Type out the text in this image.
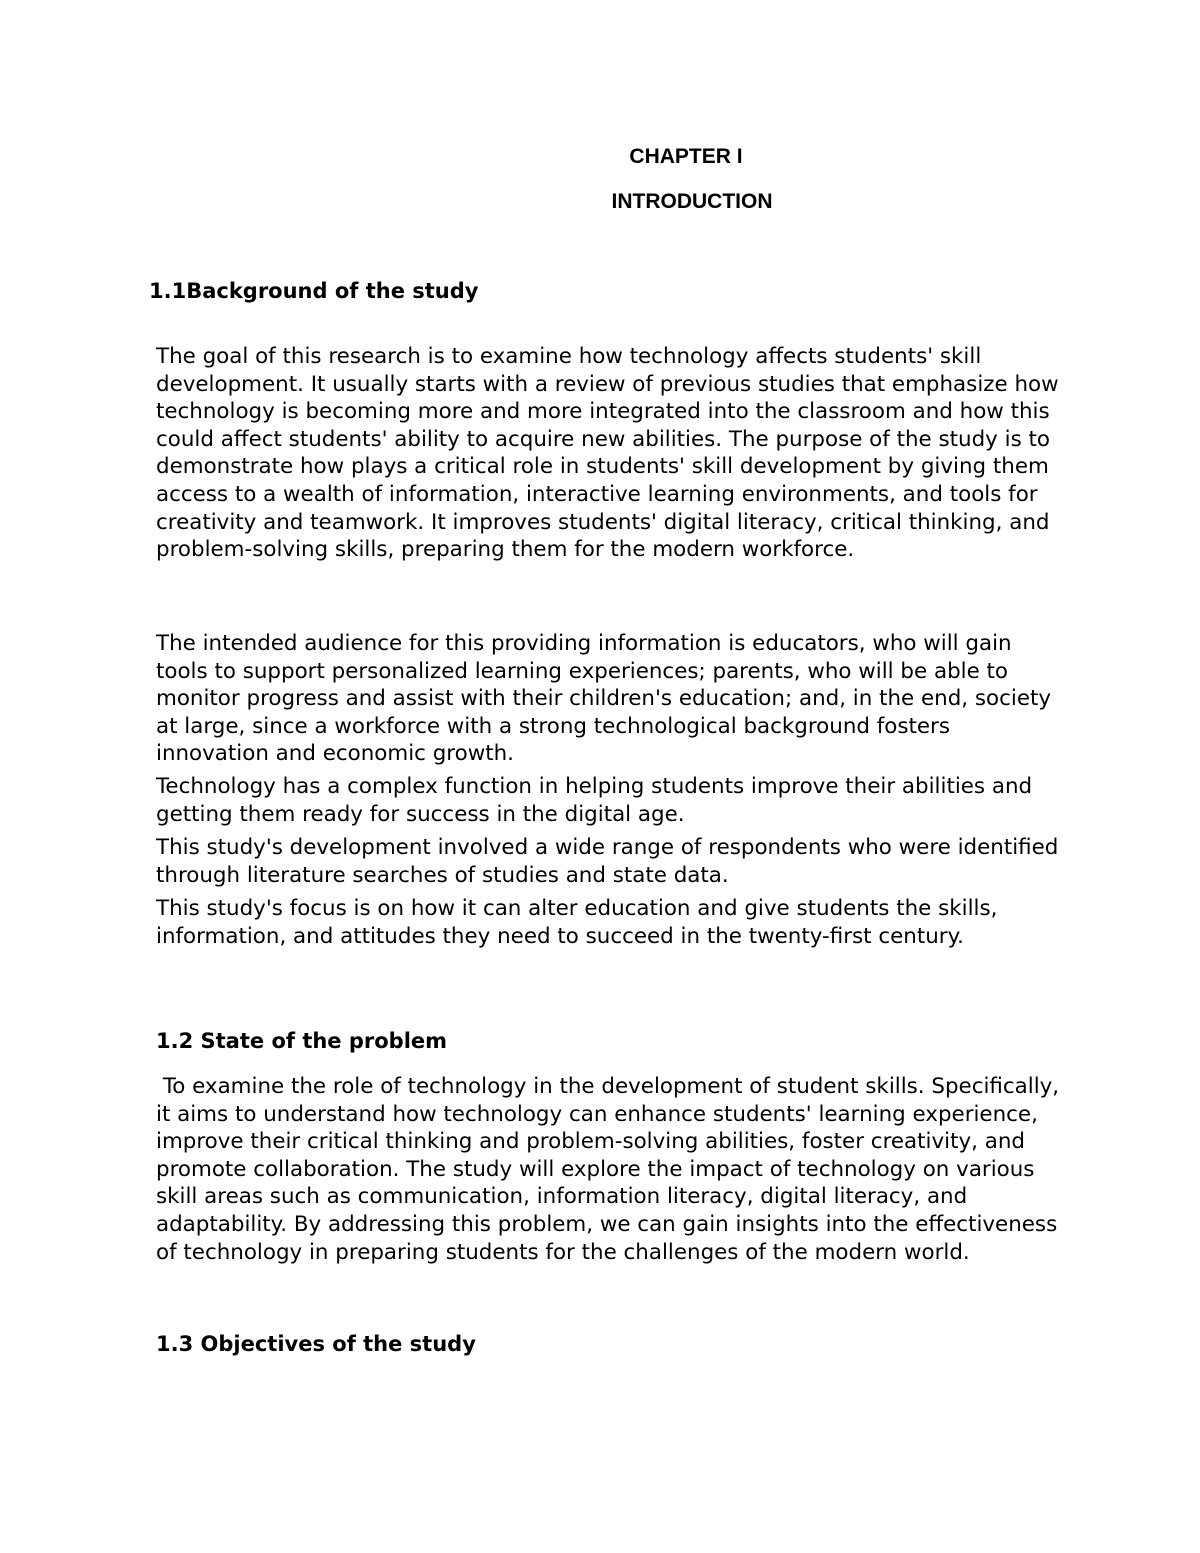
CHAPTER I
INTRODUCTION
1.1Background of the study

The goal of this research is to examine how technology affects students' skill development. It usually starts with a review of previous studies that emphasize how technology is becoming more and more integrated into the classroom and how this could affect students' ability to acquire new abilities. The purpose of the study is to demonstrate how plays a critical role in students' skill development by giving them access to a wealth of information, interactive learning environments, and tools for creativity and teamwork. It improves students' digital literacy, critical thinking, and problem-solving skills, preparing them for the modern workforce.

The intended audience for this providing information is educators, who will gain tools to support personalized learning experiences; parents, who will be able to monitor progress and assist with their children's education; and, in the end, society at large, since a workforce with a strong technological background fosters innovation and economic growth.

Technology has a complex function in helping students improve their abilities and getting them ready for success in the digital age.

This study's development involved a wide range of respondents who were identified through literature searches of studies and state data.

This study's focus is on how it can alter education and give students the skills, information, and attitudes they need to succeed in the twenty-first century.

1.2 State of the problem

To examine the role of technology in the development of student skills. Specifically, it aims to understand how technology can enhance students' learning experience, improve their critical thinking and problem-solving abilities, foster creativity, and promote collaboration. The study will explore the impact of technology on various skill areas such as communication, information literacy, digital literacy, and adaptability. By addressing this problem, we can gain insights into the effectiveness of technology in preparing students for the challenges of the modern world.

1.3 Objectives of the study
